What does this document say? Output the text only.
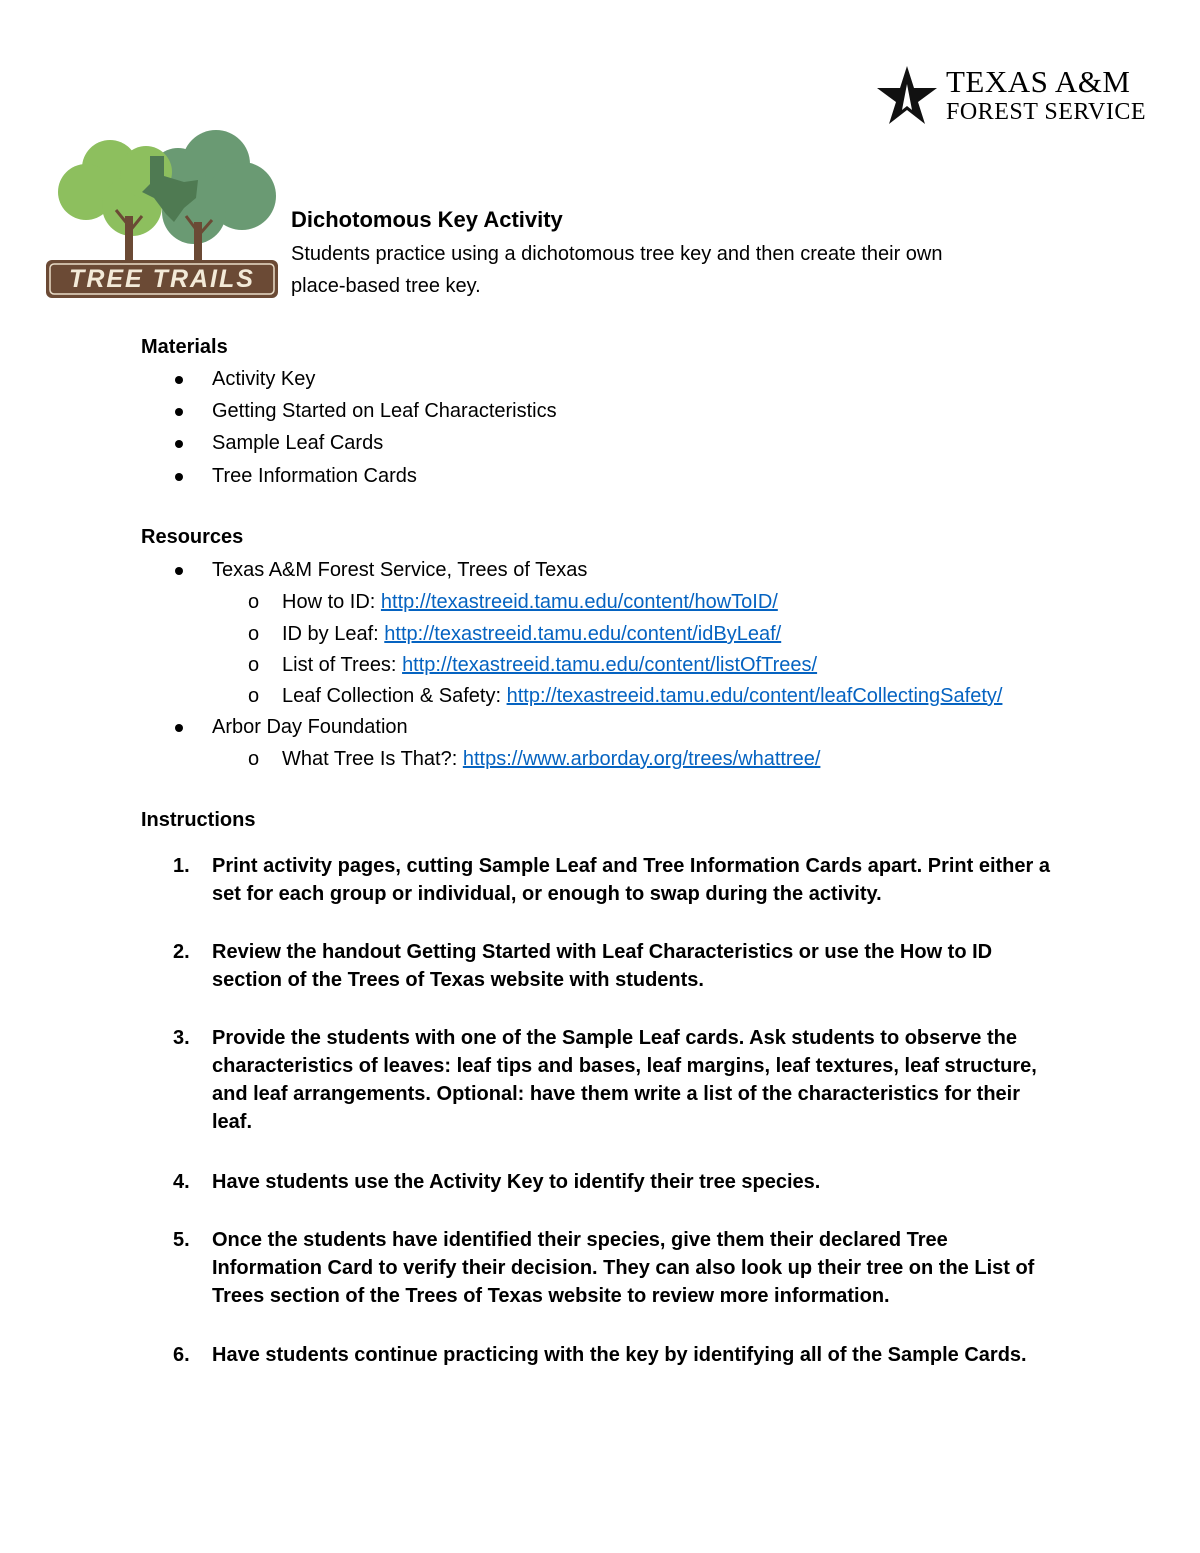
TEXAS A&M
FOREST SERVICE
TREE TRAILS
Dichotomous Key Activity
Students practice using a dichotomous tree key and then create their own
place-based tree key.
Materials
Activity Key
Getting Started on Leaf Characteristics
Sample Leaf Cards
Tree Information Cards
Resources
Texas A&M Forest Service, Trees of Texas
o How to ID: http://texastreeid.tamu.edu/content/howToID/
o ID by Leaf: http://texastreeid.tamu.edu/content/idByLeaf/
o List of Trees: http://texastreeid.tamu.edu/content/listOfTrees/
o Leaf Collection & Safety: http://texastreeid.tamu.edu/content/leafCollectingSafety/
Arbor Day Foundation
o What Tree Is That?: https://www.arborday.org/trees/whattree/
Instructions
1. Print activity pages, cutting Sample Leaf and Tree Information Cards apart. Print either a
set for each group or individual, or enough to swap during the activity.
2. Review the handout Getting Started with Leaf Characteristics or use the How to ID
section of the Trees of Texas website with students.
3. Provide the students with one of the Sample Leaf cards. Ask students to observe the
characteristics of leaves: leaf tips and bases, leaf margins, leaf textures, leaf structure,
and leaf arrangements. Optional: have them write a list of the characteristics for their
leaf.
4. Have students use the Activity Key to identify their tree species.
5. Once the students have identified their species, give them their declared Tree
Information Card to verify their decision. They can also look up their tree on the List of
Trees section of the Trees of Texas website to review more information.
6. Have students continue practicing with the key by identifying all of the Sample Cards.
